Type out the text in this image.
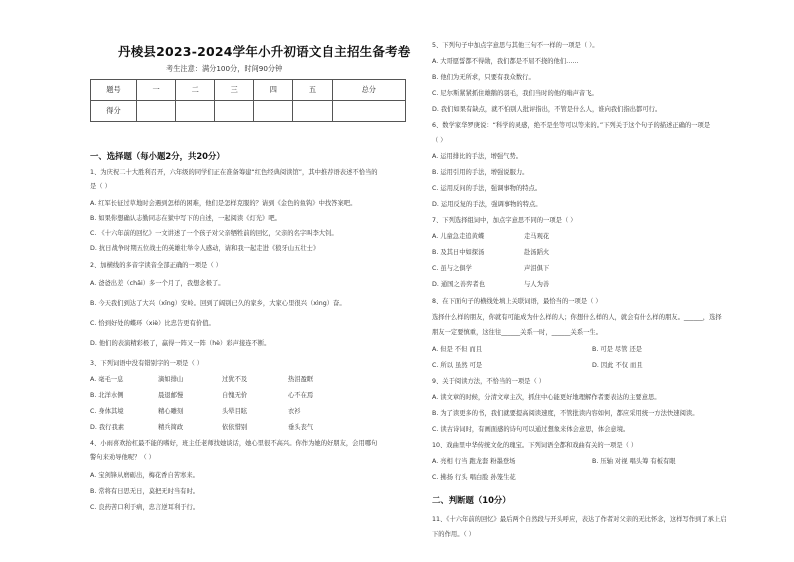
丹棱县2023-2024学年小升初语文自主招生备考卷
考生注意：满分100分，时间90分钟
题号	一	二	三	四	五	总分
得分						
一、选择题（每小题2分，共20分）
1、为庆祝二十大胜利召开，六年级的同学们正在准备筹建“红色经典阅读馆”，其中推荐语表述不恰当的
是（ ）
A. 红军长征过草地时会遇到怎样的困难，他们是怎样克服的？请到《金色的鱼钩》中找答案吧。
B. 如果你想确认志勤同志在狱中写下的自述，一起阅读《灯光》吧。
C. 《十六年前的回忆》一文讲述了一个孩子对父亲牺牲前的回忆，父亲的名字叫李大钊。
D. 抗日战争时期五位战士的英雄壮举令人感动，请和我一起走进《狼牙山五壮士》
2、加横线的多音字读音全部正确的一项是（ ）
A. 爸爸出差（chāi）多一个月了，我想念极了。
B. 今天我们到达了大兴（xīng）安岭。回到了阔别已久的家乡，大家心里很兴（xìng）奋。
C. 恰到好处的蝶环（xiè）比忠告更有价值。
D. 他们的表演精彩极了，赢得一阵又一阵（hè）彩声接连不断。
3、下列词语中没有错别字的一项是（ ）
A. 毫毛一息	滴如排山	过犹不及	热泪盈眶
B. 北洋水侧	晨退邮慢	自愧无价	心不在焉
C. 身体其境	精心雕刻	头晕目眩	衣衫
D. 我行我素	精兵简政	依依惜别	垂头丧气
4、小雨喜欢抬杠最不能的嗜好，班主任老师找她谈话，她心里很不高兴。你作为她的好朋友，会用哪句
警句来劝导他呢？（ ）
A. 宝剑锋从磨砺出，梅花香自苦寒来。
B. 常将有日思无日，莫把无时当有时。
C. 良药苦口利于病，忠言逆耳利于行。
5、下列句子中加点字意思与其他三句不一样的一项是（ ）。
A. 大哥愿誓都不得勋，我们都是不屈不挠的他们……
B. 他们为无所求，只要有我众数行。
C. 尼尔斯紧紧抓住雄鹅的羽毛，我们当时的他的嗡声音飞。
D. 我们如果有缺点，就不怕别人批评指出，不管是什么人，谁向我们指出都可行。
6、数学家华罗庚说：“科学的灵感，绝不是坐等可以等来的。”下列关于这个句子的描述正确的一项是
（ ）
A. 运用排比的手法，增强气势。
B. 运用引用的手法，增强说服力。
C. 运用反问的手法，强调事物的特点。
D. 运用反复的手法，强调事物的特点。
7、下列选择组词中，加点字意思不同的一项是（ ）
A. 儿童急走追黄蝶	走马观花
B. 及其日中如探汤	赴汤蹈火
C. 虽与之俱学	声泪俱下
D. 通国之善弈者也	与人为善
8、在下面句子的横线处填上关联词语，最恰当的一项是（ ）
选择什么样的朋友，你就有可能成为什么样的人；你想什么样的人，就会有什么样的朋友。______，选择
朋友一定要慎重，这往往______关系一时，______关系一生。
A. 但是 不但 而且	B. 可是 尽管 还是
C. 所以 虽然 可是	D. 因此 不仅 而且
9、关于阅读方法，不恰当的一项是（ ）
A. 读文章的时候，分清文章主次，抓住中心能更好地理解作者要表达的主要意思。
B. 为了读更多的书，我们就要提高阅读速度，不管批读内容如何，都应采用统一方法快速阅读。
C. 读古诗词时，有画面感的诗句可以通过想象来体会意思，体会意境。
10、戏曲里中华传统文化的瑰宝。下列词语全都和戏曲有关的一项是（ ）
A. 亮相 行当 跑龙套 粉墨登场	B. 压轴 对视 唱头筹 有板有眼
C. 拂扬 行头 唱白脸 孙笼生花
二、判断题（10分）
11、《十六年前的回忆》最后两个自然段与开头呼应，表达了作者对父亲的无比怀念，这样写作到了承上启
下的作用。（ ）
